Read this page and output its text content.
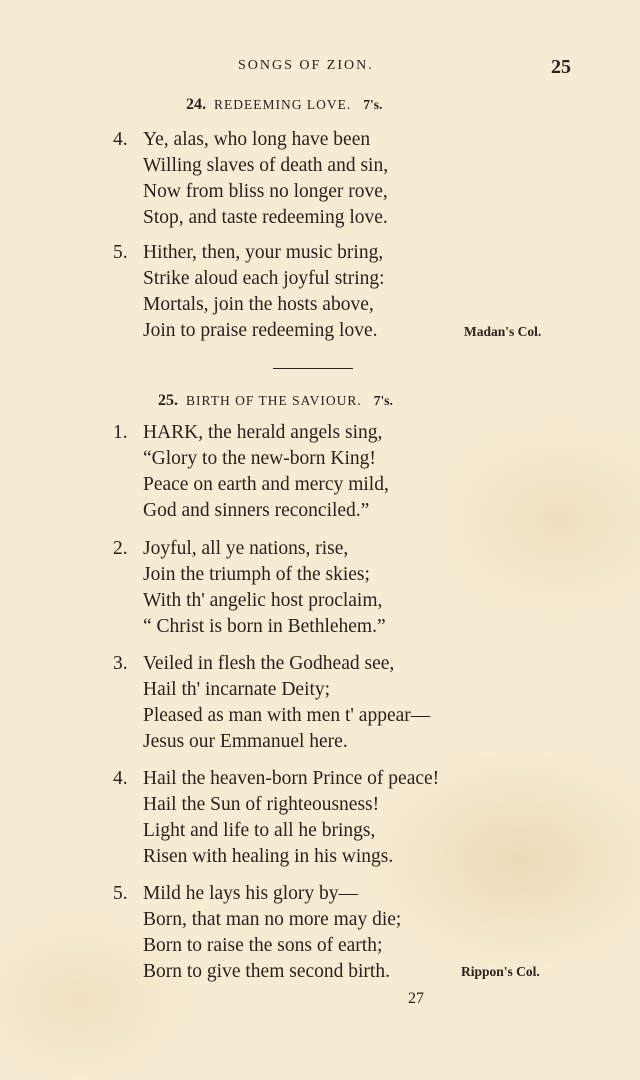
SONGS OF ZION.	25
24. REDEEMING LOVE. 7's.
4. Ye, alas, who long have been
Willing slaves of death and sin,
Now from bliss no longer rove,
Stop, and taste redeeming love.
5. Hither, then, your music bring,
Strike aloud each joyful string:
Mortals, join the hosts above,
Join to praise redeeming love.	Madan's Col.
25. BIRTH OF THE SAVIOUR. 7's.
1. HARK, the herald angels sing,
“Glory to the new-born King!
Peace on earth and mercy mild,
God and sinners reconciled.”
2. Joyful, all ye nations, rise,
Join the triumph of the skies;
With th' angelic host proclaim,
“ Christ is born in Bethlehem.”
3. Veiled in flesh the Godhead see,
Hail th' incarnate Deity;
Pleased as man with men t' appear—
Jesus our Emmanuel here.
4. Hail the heaven-born Prince of peace!
Hail the Sun of righteousness!
Light and life to all he brings,
Risen with healing in his wings.
5. Mild he lays his glory by—
Born, that man no more may die;
Born to raise the sons of earth;
Born to give them second birth.	Rippon's Col.
27
